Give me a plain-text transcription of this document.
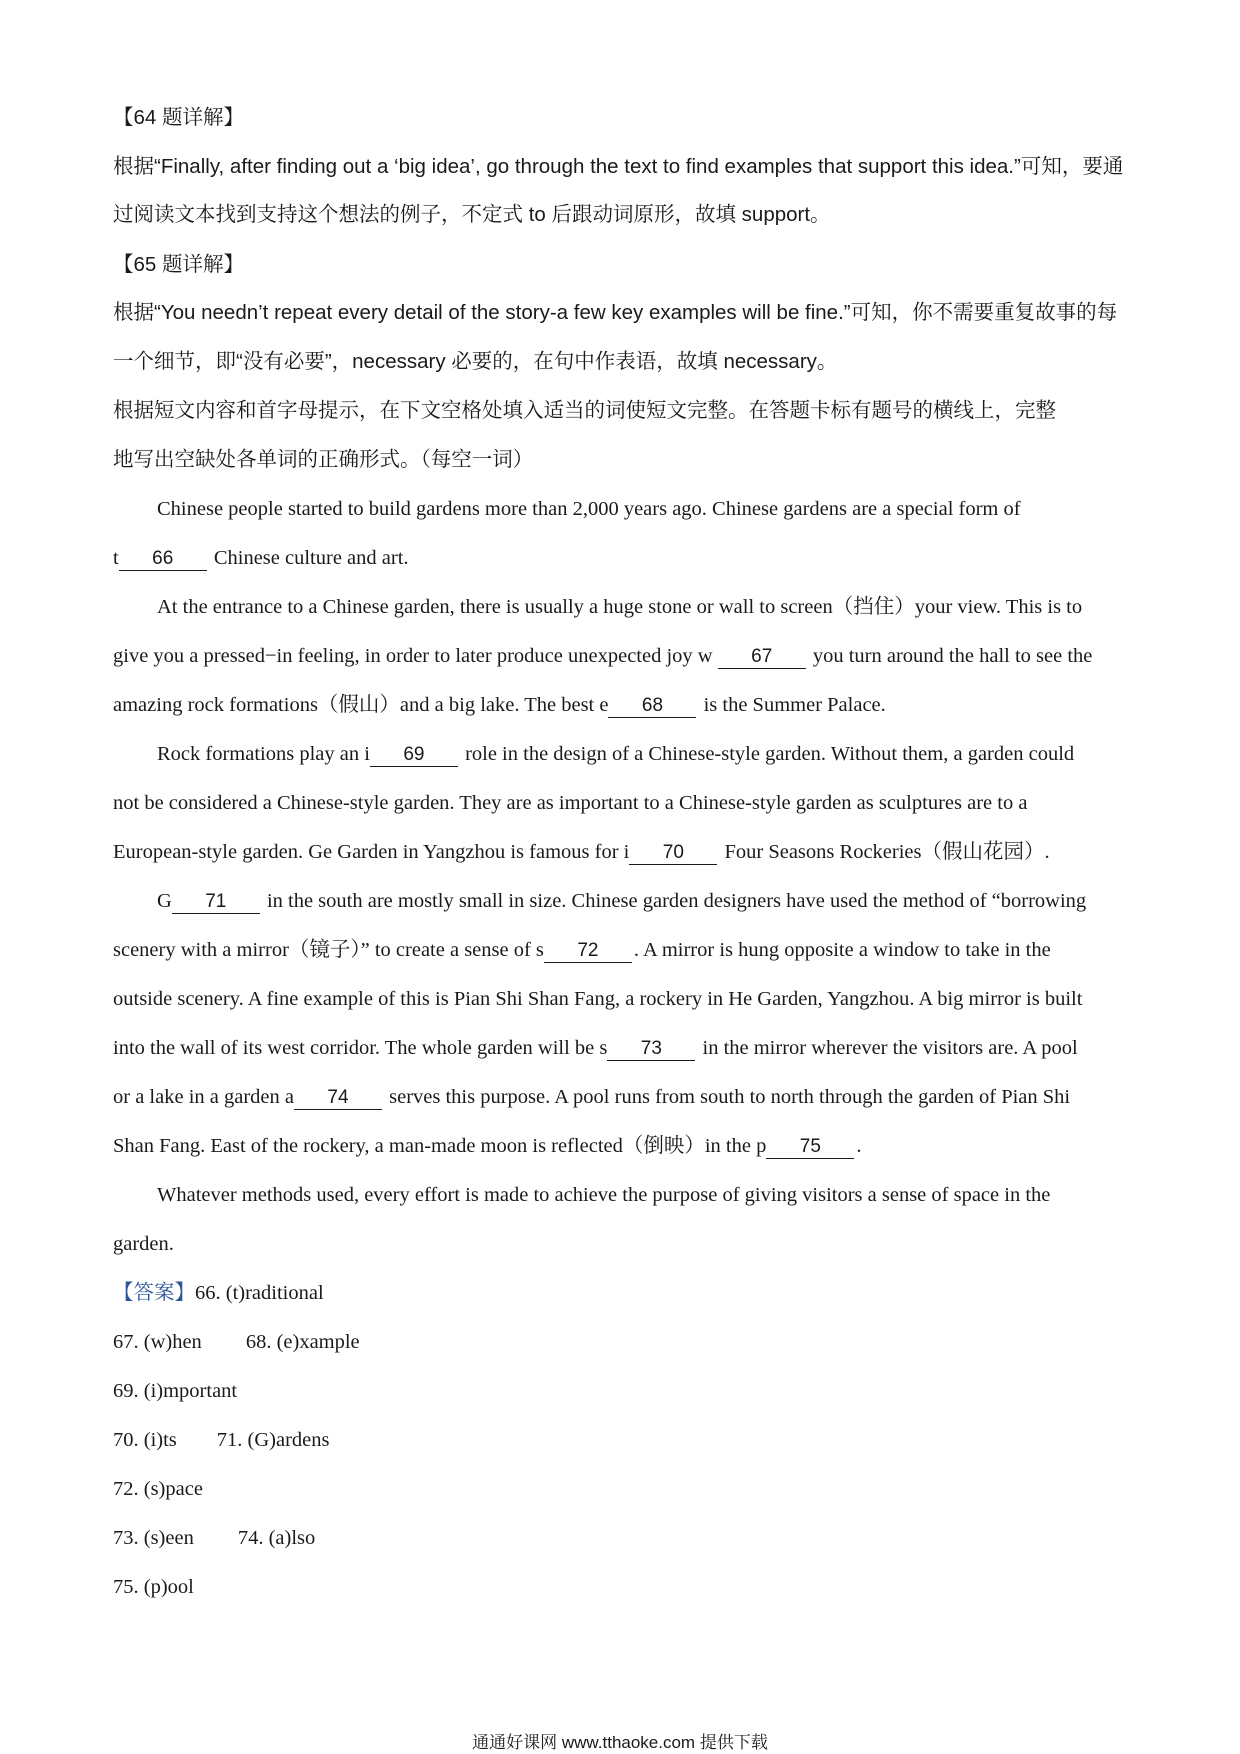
【64 题详解】
根据“Finally, after finding out a ‘big idea’, go through the text to find examples that support this idea.”可知，要通
过阅读文本找到支持这个想法的例子，不定式 to 后跟动词原形，故填 support。
【65 题详解】
根据“You needn’t repeat every detail of the story-a few key examples will be fine.”可知，你不需要重复故事的每
一个细节，即“没有必要”，necessary 必要的，在句中作表语，故填 necessary。
根据短文内容和首字母提示，在下文空格处填入适当的词使短文完整。在答题卡标有题号的横线上，完整
地写出空缺处各单词的正确形式。（每空一词）
Chinese people started to build gardens more than 2,000 years ago. Chinese gardens are a special form of
t 66 Chinese culture and art.
At the entrance to a Chinese garden, there is usually a huge stone or wall to screen（挡住）your view. This is to
give you a pressed−in feeling, in order to later produce unexpected joy w 67 you turn around the hall to see the
amazing rock formations（假山）and a big lake. The best e 68 is the Summer Palace.
Rock formations play an i 69 role in the design of a Chinese-style garden. Without them, a garden could
not be considered a Chinese-style garden. They are as important to a Chinese-style garden as sculptures are to a
European-style garden. Ge Garden in Yangzhou is famous for i 70 Four Seasons Rockeries（假山花园）.
G 71 in the south are mostly small in size. Chinese garden designers have used the method of “borrowing
scenery with a mirror（镜子）” to create a sense of s 72 . A mirror is hung opposite a window to take in the
outside scenery. A fine example of this is Pian Shi Shan Fang, a rockery in He Garden, Yangzhou. A big mirror is built
into the wall of its west corridor. The whole garden will be s 73 in the mirror wherever the visitors are. A pool
or a lake in a garden a 74 serves this purpose. A pool runs from south to north through the garden of Pian Shi
Shan Fang. East of the rockery, a man-made moon is reflected（倒映）in the p 75 .
Whatever methods used, every effort is made to achieve the purpose of giving visitors a sense of space in the
garden.
【答案】66. (t)raditional
67. (w)hen 68. (e)xample
69. (i)mportant
70. (i)ts 71. (G)ardens
72. (s)pace
73. (s)een 74. (a)lso
75. (p)ool
通通好课网 www.tthaoke.com 提供下载
